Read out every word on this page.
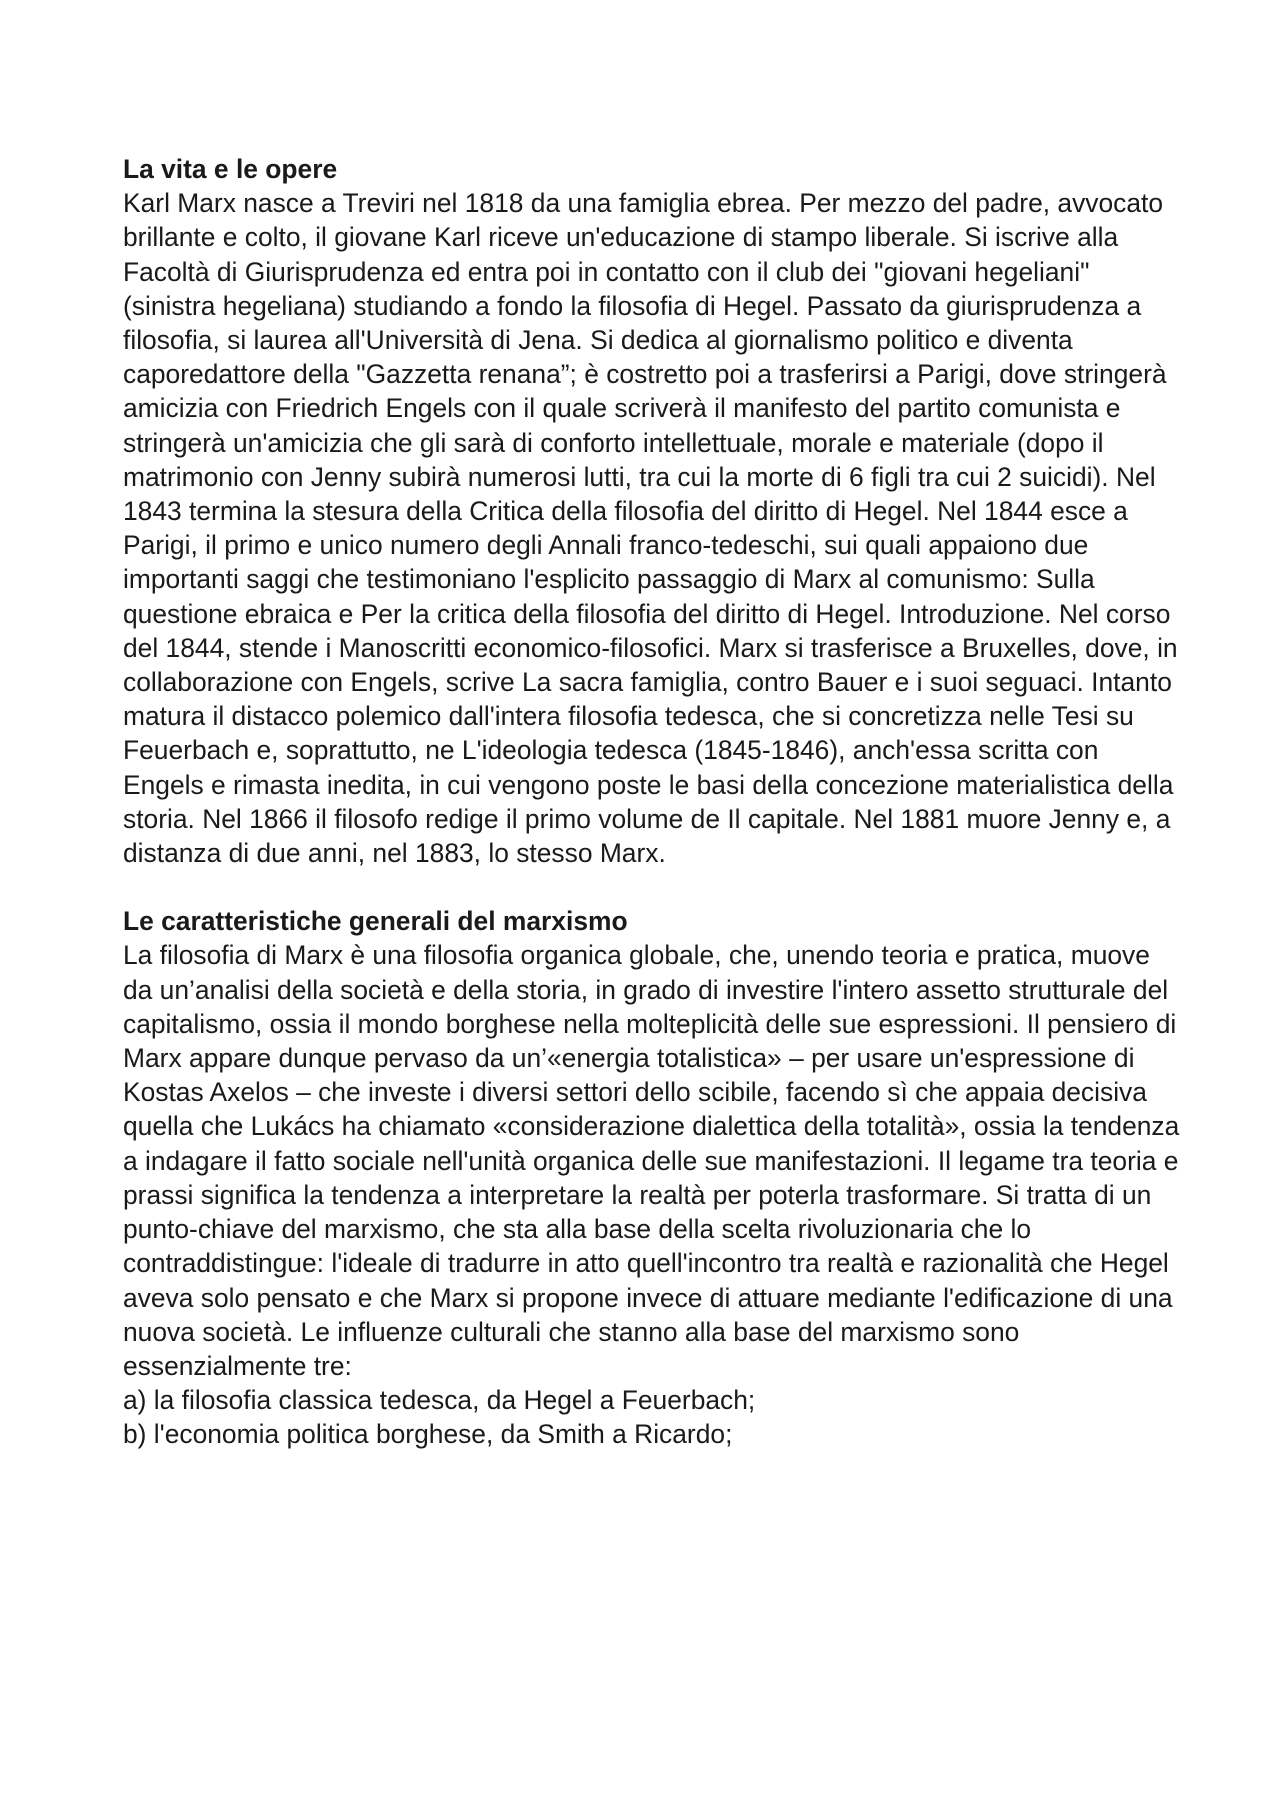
La vita e le opere

Karl Marx nasce a Treviri nel 1818 da una famiglia ebrea. Per mezzo del padre, avvocato brillante e colto, il giovane Karl riceve un'educazione di stampo liberale. Si iscrive alla Facoltà di Giurisprudenza ed entra poi in contatto con il club dei "giovani hegeliani" (sinistra hegeliana) studiando a fondo la filosofia di Hegel. Passato da giurisprudenza a filosofia, si laurea all'Università di Jena. Si dedica al giornalismo politico e diventa caporedattore della "Gazzetta renana”; è costretto poi a trasferirsi a Parigi, dove stringerà amicizia con Friedrich Engels con il quale scriverà il manifesto del partito comunista e stringerà un'amicizia che gli sarà di conforto intellettuale, morale e materiale (dopo il matrimonio con Jenny subirà numerosi lutti, tra cui la morte di 6 figli tra cui 2 suicidi). Nel 1843 termina la stesura della Critica della filosofia del diritto di Hegel. Nel 1844 esce a Parigi, il primo e unico numero degli Annali franco-tedeschi, sui quali appaiono due importanti saggi che testimoniano l'esplicito passaggio di Marx al comunismo: Sulla questione ebraica e Per la critica della filosofia del diritto di Hegel. Introduzione. Nel corso del 1844, stende i Manoscritti economico-filosofici. Marx si trasferisce a Bruxelles, dove, in collaborazione con Engels, scrive La sacra famiglia, contro Bauer e i suoi seguaci. Intanto matura il distacco polemico dall'intera filosofia tedesca, che si concretizza nelle Tesi su Feuerbach e, soprattutto, ne L'ideologia tedesca (1845-1846), anch'essa scritta con Engels e rimasta inedita, in cui vengono poste le basi della concezione materialistica della storia. Nel 1866 il filosofo redige il primo volume de Il capitale. Nel 1881 muore Jenny e, a distanza di due anni, nel 1883, lo stesso Marx.

Le caratteristiche generali del marxismo

La filosofia di Marx è una filosofia organica globale, che, unendo teoria e pratica, muove da un’analisi della società e della storia, in grado di investire l'intero assetto strutturale del capitalismo, ossia il mondo borghese nella molteplicità delle sue espressioni. Il pensiero di Marx appare dunque pervaso da un’«energia totalistica» – per usare un'espressione di Kostas Axelos – che investe i diversi settori dello scibile, facendo sì che appaia decisiva quella che Lukács ha chiamato «considerazione dialettica della totalità», ossia la tendenza a indagare il fatto sociale nell'unità organica delle sue manifestazioni. Il legame tra teoria e prassi significa la tendenza a interpretare la realtà per poterla trasformare. Si tratta di un punto-chiave del marxismo, che sta alla base della scelta rivoluzionaria che lo contraddistingue: l'ideale di tradurre in atto quell'incontro tra realtà e razionalità che Hegel aveva solo pensato e che Marx si propone invece di attuare mediante l'edificazione di una nuova società. Le influenze culturali che stanno alla base del marxismo sono essenzialmente tre:

a) la filosofia classica tedesca, da Hegel a Feuerbach;

b) l'economia politica borghese, da Smith a Ricardo;
